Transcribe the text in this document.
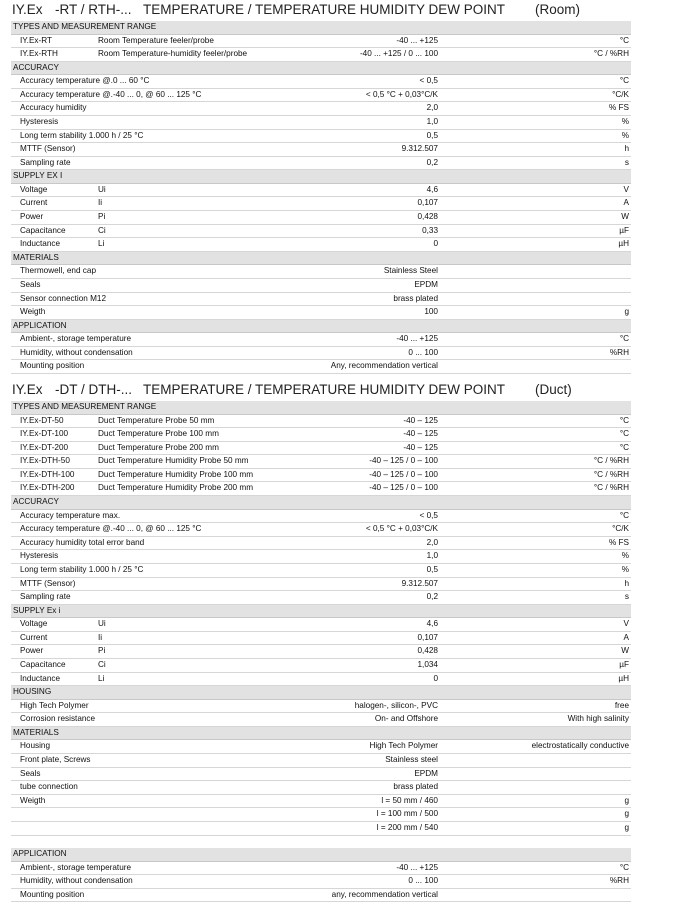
IY.Ex -RT / RTH-... TEMPERATURE / TEMPERATURE HUMIDITY DEW POINT (Room)
TYPES AND MEASUREMENT RANGE
IY.Ex-RT	Room Temperature feeler/probe	-40 ... +125	°C
IY.Ex-RTH	Room Temperature-humidity feeler/probe	-40 ... +125 / 0 ... 100	°C / %RH
ACCURACY
Accuracy temperature @.0 ... 60 °C	< 0,5	°C
Accuracy temperature @.-40 ... 0, @ 60 ... 125 °C	< 0,5 °C + 0,03°C/K	°C/K
Accuracy humidity	2,0	% FS
Hysteresis	1,0	%
Long term stability 1.000 h / 25 °C	0,5	%
MTTF (Sensor)	9.312.507	h
Sampling rate	0,2	s
SUPPLY EX I
Voltage	Ui	4,6	V
Current	Ii	0,107	A
Power	Pi	0,428	W
Capacitance	Ci	0,33	µF
Inductance	Li	0	µH
MATERIALS
Thermowell, end cap	Stainless Steel
Seals	EPDM
Sensor connection M12	brass plated
Weigth	100	g
APPLICATION
Ambient-, storage temperature	-40 ... +125	°C
Humidity, without condensation	0 ... 100	%RH
Mounting position	Any, recommendation vertical
IY.Ex -DT / DTH-... TEMPERATURE / TEMPERATURE HUMIDITY DEW POINT (Duct)
TYPES AND MEASUREMENT RANGE
IY.Ex-DT-50	Duct Temperature Probe 50 mm	-40 – 125	°C
IY.Ex-DT-100	Duct Temperature Probe 100 mm	-40 – 125	°C
IY.Ex-DT-200	Duct Temperature Probe 200 mm	-40 – 125	°C
IY.Ex-DTH-50	Duct Temperature Humidity Probe 50 mm	-40 – 125 / 0 – 100	°C / %RH
IY.Ex-DTH-100	Duct Temperature Humidity Probe 100 mm	-40 – 125 / 0 – 100	°C / %RH
IY.Ex-DTH-200	Duct Temperature Humidity Probe 200 mm	-40 – 125 / 0 – 100	°C / %RH
ACCURACY
Accuracy temperature max.	< 0,5	°C
Accuracy temperature @.-40 ... 0, @ 60 ... 125 °C	< 0,5 °C + 0,03°C/K	°C/K
Accuracy humidity total error band	2,0	% FS
Hysteresis	1,0	%
Long term stability 1.000 h / 25 °C	0,5	%
MTTF (Sensor)	9.312.507	h
Sampling rate	0,2	s
SUPPLY Ex i
Voltage	Ui	4,6	V
Current	Ii	0,107	A
Power	Pi	0,428	W
Capacitance	Ci	1,034	µF
Inductance	Li	0	µH
HOUSING
High Tech Polymer	halogen-, silicon-, PVC	free
Corrosion resistance	On- and Offshore	With high salinity
MATERIALS
Housing	High Tech Polymer	electrostatically conductive
Front plate, Screws	Stainless steel
Seals	EPDM
tube connection	brass plated
Weigth	l = 50 mm / 460	g
l = 100 mm / 500	g
l = 200 mm / 540	g
APPLICATION
Ambient-, storage temperature	-40 ... +125	°C
Humidity, without condensation	0 ... 100	%RH
Mounting position	any, recommendation vertical
